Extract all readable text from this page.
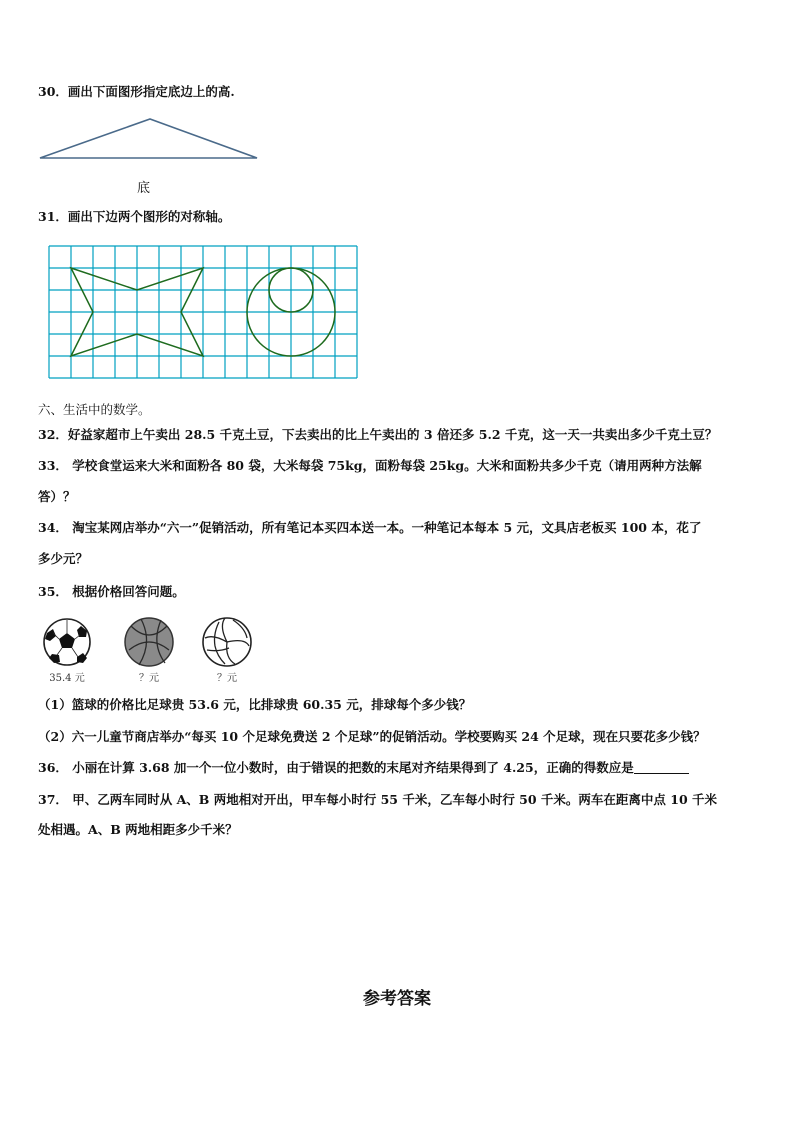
30．画出下面图形指定底边上的高.
底
31．画出下边两个图形的对称轴。
六、生活中的数学。
32．好益家超市上午卖出 28.5 千克土豆，下去卖出的比上午卖出的 3 倍还多 5.2 千克，这一天一共卖出多少千克土豆？
33． 学校食堂运来大米和面粉各 80 袋，大米每袋 75kg，面粉每袋 25kg。大米和面粉共多少千克（请用两种方法解
答）？
34． 淘宝某网店举办“六一”促销活动，所有笔记本买四本送一本。一种笔记本每本 5 元，文具店老板买 100 本，花了
多少元？
35． 根据价格回答问题。
35.4 元	？元	？元
（1）篮球的价格比足球贵 53.6 元，比排球贵 60.35 元，排球每个多少钱？
（2）六一儿童节商店举办“每买 10 个足球免费送 2 个足球”的促销活动。学校要购买 24 个足球，现在只要花多少钱？
36． 小丽在计算 3.68 加一个一位小数时，由于错误的把数的末尾对齐结果得到了 4.25，正确的得数应是
37． 甲、乙两车同时从 A、B 两地相对开出，甲车每小时行 55 千米，乙车每小时行 50 千米。两车在距离中点 10 千米
处相遇。A、B 两地相距多少千米？
参考答案
